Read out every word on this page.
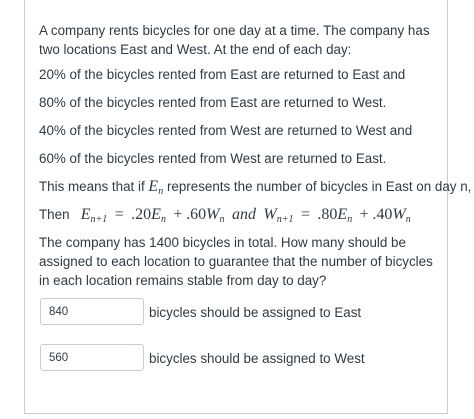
A company rents bicycles for one day at a time. The company has two locations East and West. At the end of each day:

20% of the bicycles rented from East are returned to East and

80% of the bicycles rented from East are returned to West.

40% of the bicycles rented from West are returned to West and

60% of the bicycles rented from West are returned to East.

This means that if $E_n$ represents the number of bicycles in East on day n,

Then $E_{n+1} = .20E_n + .60W_n$ and $W_{n+1} = .80E_n + .40W_n$

The company has 1400 bicycles in total. How many should be assigned to each location to guarantee that the number of bicycles in each location remains stable from day to day?

840
bicycles should be assigned to East
560
bicycles should be assigned to West
